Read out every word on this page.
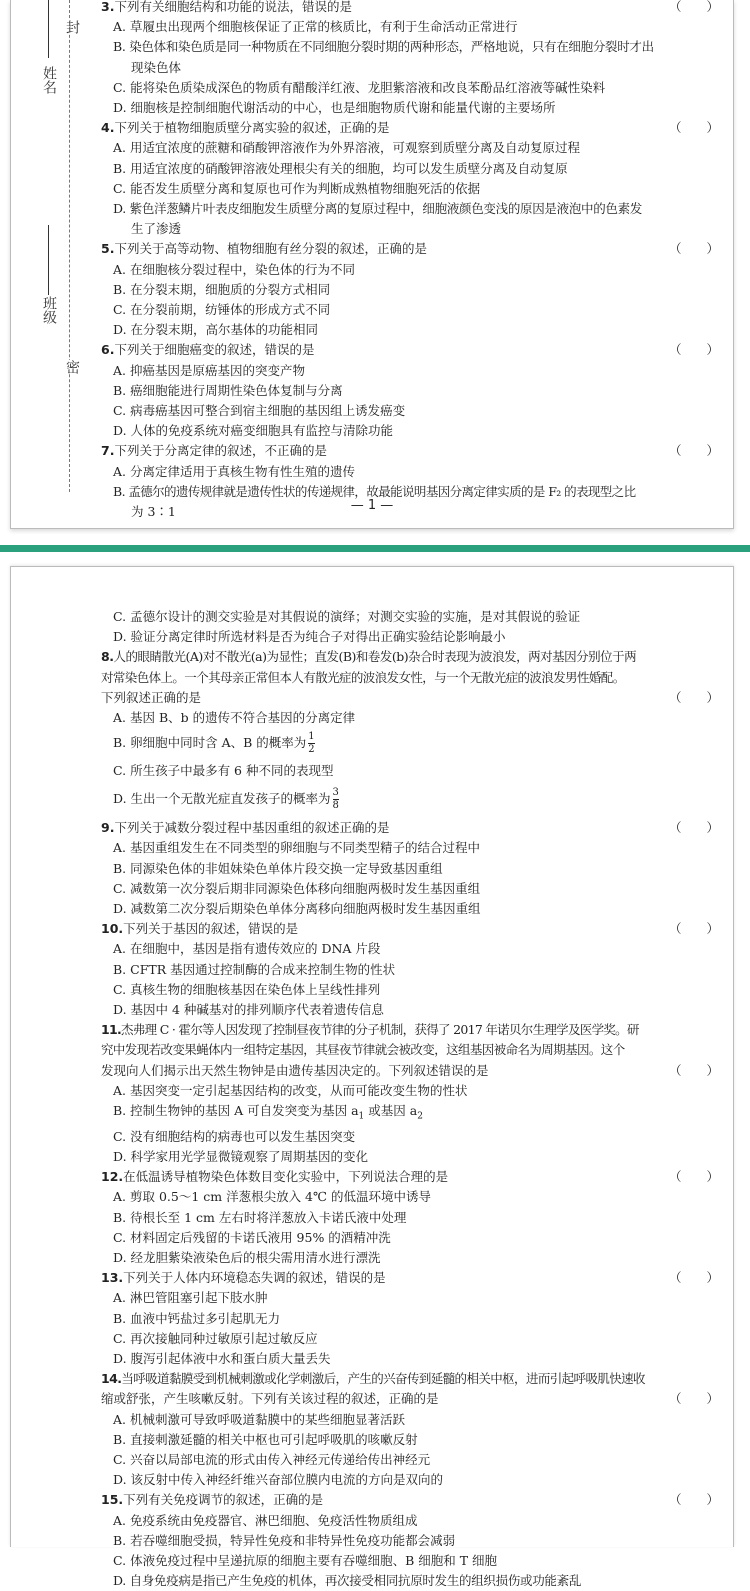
封
姓名
班级
密
3.下列有关细胞结构和功能的说法，错误的是	（　　）
A. 草履虫出现两个细胞核保证了正常的核质比，有利于生命活动正常进行
B. 染色体和染色质是同一种物质在不同细胞分裂时期的两种形态，严格地说，只有在细胞分裂时才出
现染色体
C. 能将染色质染成深色的物质有醋酸洋红液、龙胆紫溶液和改良苯酚品红溶液等碱性染料
D. 细胞核是控制细胞代谢活动的中心，也是细胞物质代谢和能量代谢的主要场所
4.下列关于植物细胞质壁分离实验的叙述，正确的是	（　　）
A. 用适宜浓度的蔗糖和硝酸钾溶液作为外界溶液，可观察到质壁分离及自动复原过程
B. 用适宜浓度的硝酸钾溶液处理根尖有关的细胞，均可以发生质壁分离及自动复原
C. 能否发生质壁分离和复原也可作为判断成熟植物细胞死活的依据
D. 紫色洋葱鳞片叶表皮细胞发生质壁分离的复原过程中，细胞液颜色变浅的原因是液泡中的色素发
生了渗透
5.下列关于高等动物、植物细胞有丝分裂的叙述，正确的是	（　　）
A. 在细胞核分裂过程中，染色体的行为不同
B. 在分裂末期，细胞质的分裂方式相同
C. 在分裂前期，纺锤体的形成方式不同
D. 在分裂末期，高尔基体的功能相同
6.下列关于细胞癌变的叙述，错误的是	（　　）
A. 抑癌基因是原癌基因的突变产物
B. 癌细胞能进行周期性染色体复制与分离
C. 病毒癌基因可整合到宿主细胞的基因组上诱发癌变
D. 人体的免疫系统对癌变细胞具有监控与清除功能
7.下列关于分离定律的叙述，不正确的是	（　　）
A. 分离定律适用于真核生物有性生殖的遗传
B. 孟德尔的遗传规律就是遗传性状的传递规律，故最能说明基因分离定律实质的是 F₂ 的表现型之比
为 3∶1	— 1 —
C. 孟德尔设计的测交实验是对其假说的演绎；对测交实验的实施，是对其假说的验证
D. 验证分离定律时所选材料是否为纯合子对得出正确实验结论影响最小
8.人的眼睛散光(A)对不散光(a)为显性；直发(B)和卷发(b)杂合时表现为波浪发，两对基因分别位于两
对常染色体上。一个其母亲正常但本人有散光症的波浪发女性，与一个无散光症的波浪发男性婚配。
下列叙述正确的是	（　　）
A. 基因 B、b 的遗传不符合基因的分离定律
B. 卵细胞中同时含 A、B 的概率为 $\frac{1}{2}$
C. 所生孩子中最多有 6 种不同的表现型
D. 生出一个无散光症直发孩子的概率为 $\frac{3}{8}$
9.下列关于减数分裂过程中基因重组的叙述正确的是	（　　）
A. 基因重组发生在不同类型的卵细胞与不同类型精子的结合过程中
B. 同源染色体的非姐妹染色单体片段交换一定导致基因重组
C. 减数第一次分裂后期非同源染色体移向细胞两极时发生基因重组
D. 减数第二次分裂后期染色单体分离移向细胞两极时发生基因重组
10.下列关于基因的叙述，错误的是	（　　）
A. 在细胞中，基因是指有遗传效应的 DNA 片段
B. CFTR 基因通过控制酶的合成来控制生物的性状
C. 真核生物的细胞核基因在染色体上呈线性排列
D. 基因中 4 种碱基对的排列顺序代表着遗传信息
11.杰弗理 C · 霍尔等人因发现了控制昼夜节律的分子机制，获得了 2017 年诺贝尔生理学及医学奖。研
究中发现若改变果蝇体内一组特定基因，其昼夜节律就会被改变，这组基因被命名为周期基因。这个
发现向人们揭示出天然生物钟是由遗传基因决定的。下列叙述错误的是	（　　）
A. 基因突变一定引起基因结构的改变，从而可能改变生物的性状
B. 控制生物钟的基因 A 可自发突变为基因 $a_1$ 或基因 $a_2$
C. 没有细胞结构的病毒也可以发生基因突变
D. 科学家用光学显微镜观察了周期基因的变化
12.在低温诱导植物染色体数目变化实验中，下列说法合理的是	（　　）
A. 剪取 0.5～1 cm 洋葱根尖放入 4℃ 的低温环境中诱导
B. 待根长至 1 cm 左右时将洋葱放入卡诺氏液中处理
C. 材料固定后残留的卡诺氏液用 95% 的酒精冲洗
D. 经龙胆紫染液染色后的根尖需用清水进行漂洗
13.下列关于人体内环境稳态失调的叙述，错误的是	（　　）
A. 淋巴管阻塞引起下肢水肿
B. 血液中钙盐过多引起肌无力
C. 再次接触同种过敏原引起过敏反应
D. 腹泻引起体液中水和蛋白质大量丢失
14.当呼吸道黏膜受到机械刺激或化学刺激后，产生的兴奋传到延髓的相关中枢，进而引起呼吸肌快速收
缩或舒张，产生咳嗽反射。下列有关该过程的叙述，正确的是	（　　）
A. 机械刺激可导致呼吸道黏膜中的某些细胞显著活跃
B. 直接刺激延髓的相关中枢也可引起呼吸肌的咳嗽反射
C. 兴奋以局部电流的形式由传入神经元传递给传出神经元
D. 该反射中传入神经纤维兴奋部位膜内电流的方向是双向的
15.下列有关免疫调节的叙述，正确的是	（　　）
A. 免疫系统由免疫器官、淋巴细胞、免疫活性物质组成
B. 若吞噬细胞受损，特异性免疫和非特异性免疫功能都会减弱
C. 体液免疫过程中呈递抗原的细胞主要有吞噬细胞、B 细胞和 T 细胞
D. 自身免疫病是指已产生免疫的机体，再次接受相同抗原时发生的组织损伤或功能紊乱
